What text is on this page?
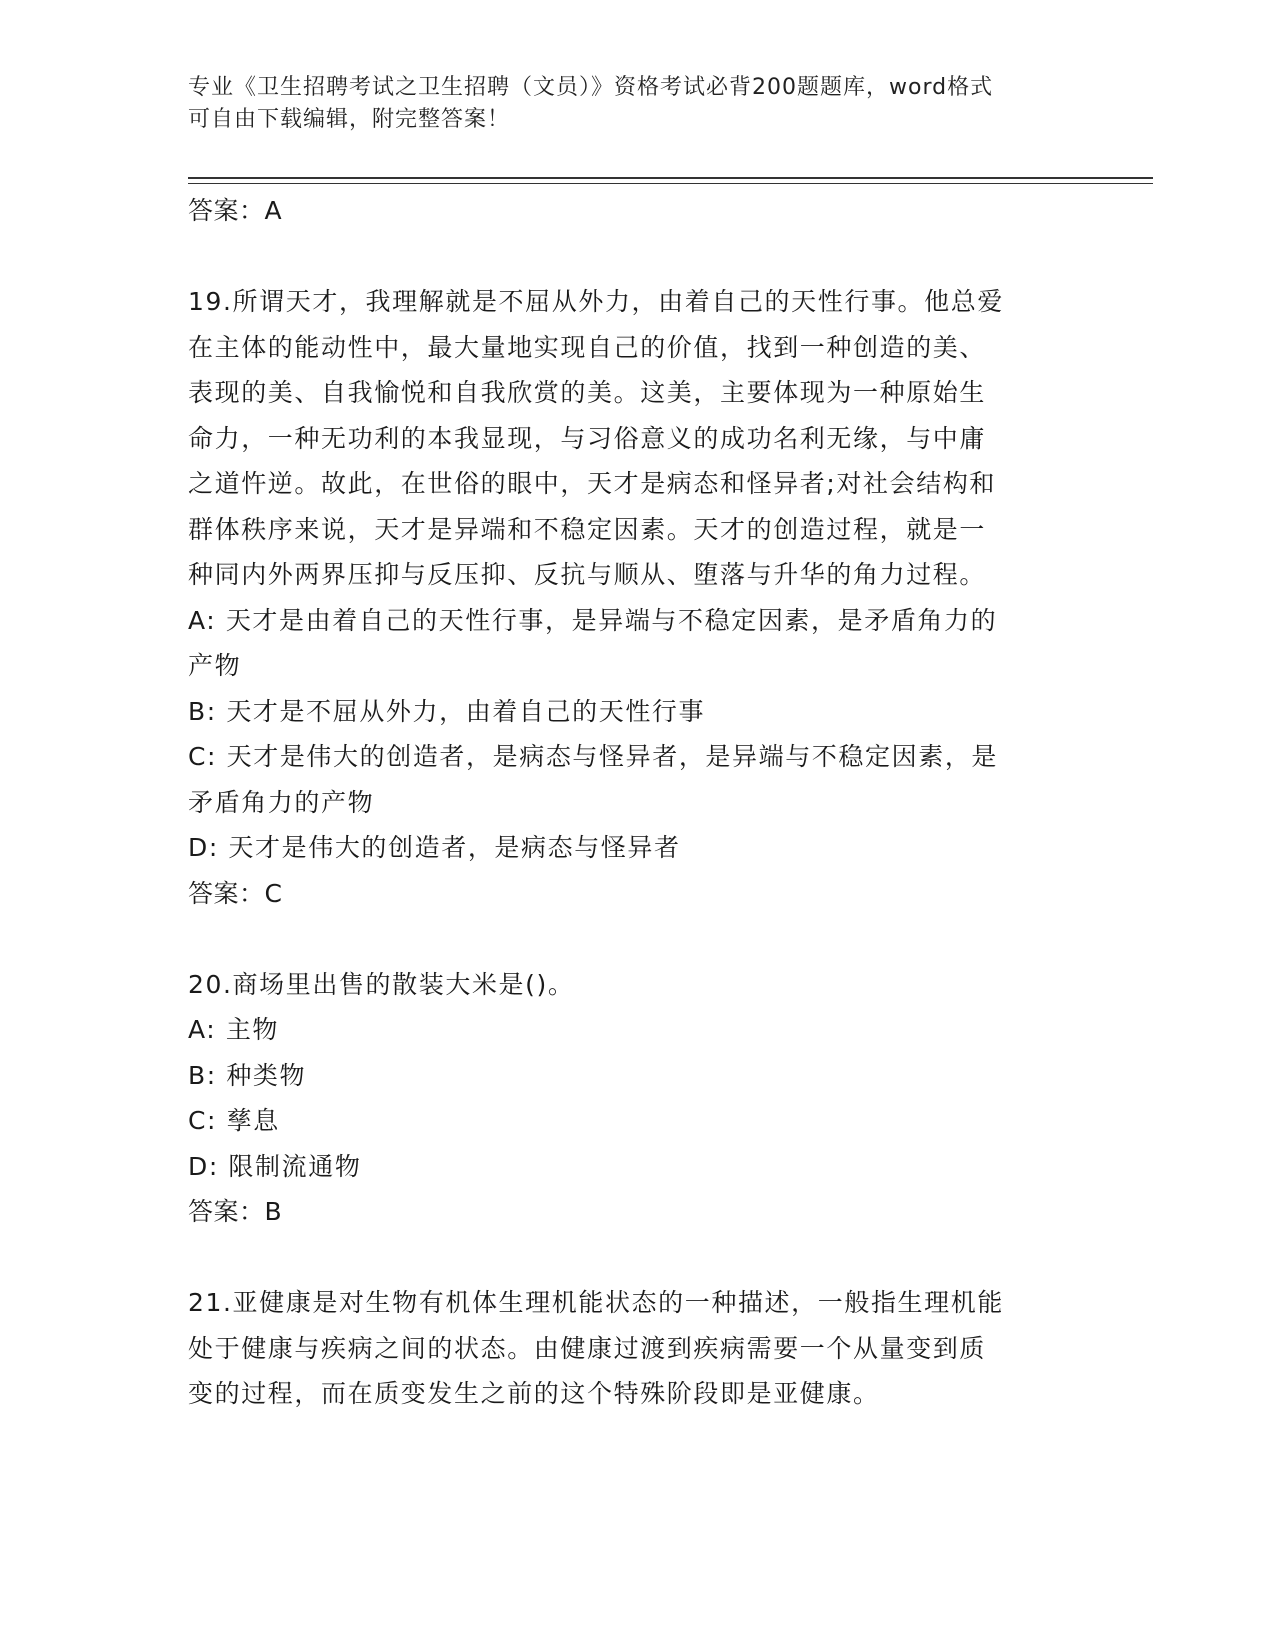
专业《卫生招聘考试之卫生招聘（文员）》资格考试必背200题题库，word格式
可自由下载编辑，附完整答案！
答案：A
19.所谓天才，我理解就是不屈从外力，由着自己的天性行事。他总爱
在主体的能动性中，最大量地实现自己的价值，找到一种创造的美、
表现的美、自我愉悦和自我欣赏的美。这美，主要体现为一种原始生
命力，一种无功利的本我显现，与习俗意义的成功名利无缘，与中庸
之道忤逆。故此，在世俗的眼中，天才是病态和怪异者;对社会结构和
群体秩序来说，天才是异端和不稳定因素。天才的创造过程，就是一
种同内外两界压抑与反压抑、反抗与顺从、堕落与升华的角力过程。
A: 天才是由着自己的天性行事，是异端与不稳定因素，是矛盾角力的
产物
B: 天才是不屈从外力，由着自己的天性行事
C: 天才是伟大的创造者，是病态与怪异者，是异端与不稳定因素，是
矛盾角力的产物
D: 天才是伟大的创造者，是病态与怪异者
答案：C
20.商场里出售的散装大米是()。
A: 主物
B: 种类物
C: 孳息
D: 限制流通物
答案：B
21.亚健康是对生物有机体生理机能状态的一种描述，一般指生理机能
处于健康与疾病之间的状态。由健康过渡到疾病需要一个从量变到质
变的过程，而在质变发生之前的这个特殊阶段即是亚健康。
